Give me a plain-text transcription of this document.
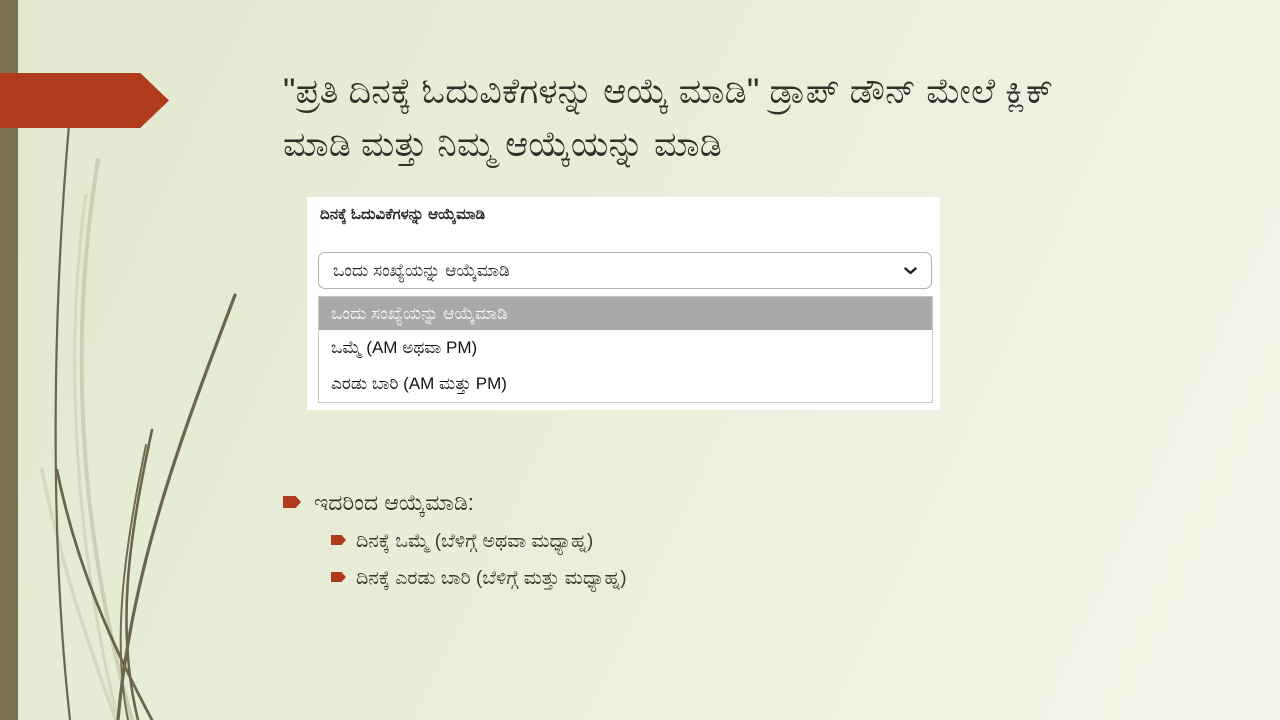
"ಪ್ರತಿ ದಿನಕ್ಕೆ ಓದುವಿಕೆಗಳನ್ನು ಆಯ್ಕೆ ಮಾಡಿ" ಡ್ರಾಪ್ ಡೌನ್ ಮೇಲೆ ಕ್ಲಿಕ್ ಮಾಡಿ ಮತ್ತು ನಿಮ್ಮ ಆಯ್ಕೆಯನ್ನು ಮಾಡಿ
ದಿನಕ್ಕೆ ಓದುವಿಕೆಗಳನ್ನು ಆಯ್ಕೆಮಾಡಿ
ಒಂದು ಸಂಖ್ಯೆಯನ್ನು ಆಯ್ಕೆಮಾಡಿ
ಒಂದು ಸಂಖ್ಯೆಯನ್ನು ಆಯ್ಕೆಮಾಡಿ
ಒಮ್ಮೆ (AM ಅಥವಾ PM)
ಎರಡು ಬಾರಿ (AM ಮತ್ತು PM)
ಇದರಿಂದ ಆಯ್ಕೆಮಾಡಿ:
ದಿನಕ್ಕೆ ಒಮ್ಮೆ (ಬೆಳಿಗ್ಗೆ ಅಥವಾ ಮಧ್ಯಾಹ್ನ)
ದಿನಕ್ಕೆ ಎರಡು ಬಾರಿ (ಬೆಳಿಗ್ಗೆ ಮತ್ತು ಮಧ್ಯಾಹ್ನ)
